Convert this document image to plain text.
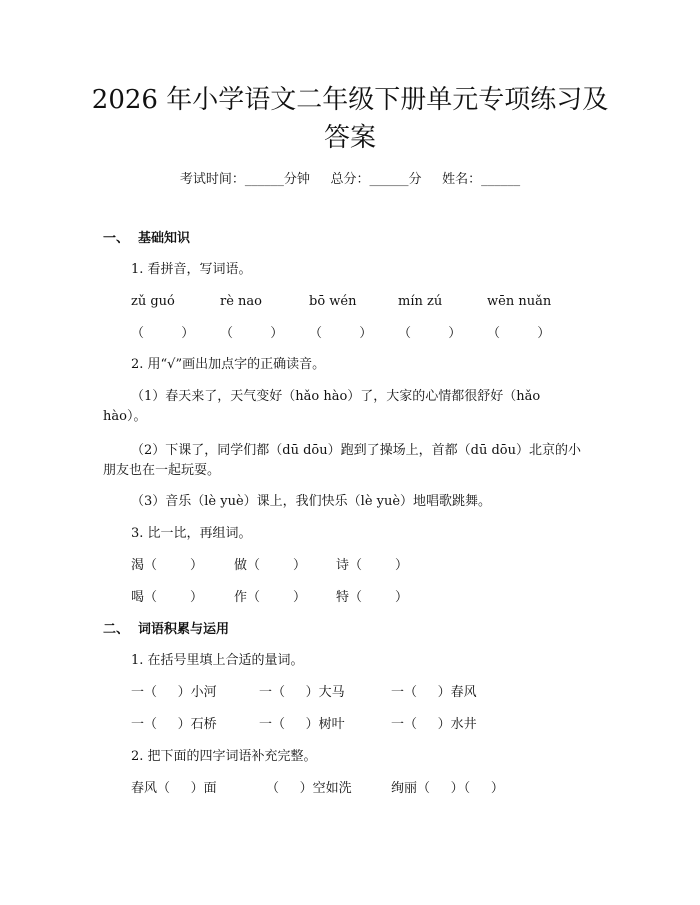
2026 年小学语文二年级下册单元专项练习及
答案
考试时间：______分钟     总分：______分     姓名：______
一、  基础知识
1. 看拼音，写词语。
zǔ guó	rè nao	bō wén	mín zú	wēn nuǎn
（         ） （         ） （         ） （         ） （         ）
2. 用“√”画出加点字的正确读音。
（1）春天来了，天气变好（hǎo hào）了，大家的心情都很舒好（hǎo
hào）。
（2）下课了，同学们都（dū dōu）跑到了操场上，首都（dū dōu）北京的小
朋友也在一起玩耍。
（3）音乐（lè yuè）课上，我们快乐（lè yuè）地唱歌跳舞。
3. 比一比，再组词。
渴（        ） 做（        ） 诗（        ）
喝（        ） 作（        ） 特（        ）
二、  词语积累与运用
1. 在括号里填上合适的量词。
一（     ）小河	一（     ）大马	一（     ）春风
一（     ）石桥	一（     ）树叶	一（     ）水井
2. 把下面的四字词语补充完整。
春风（     ）面	（     ）空如洗	绚丽（     ）（     ）
